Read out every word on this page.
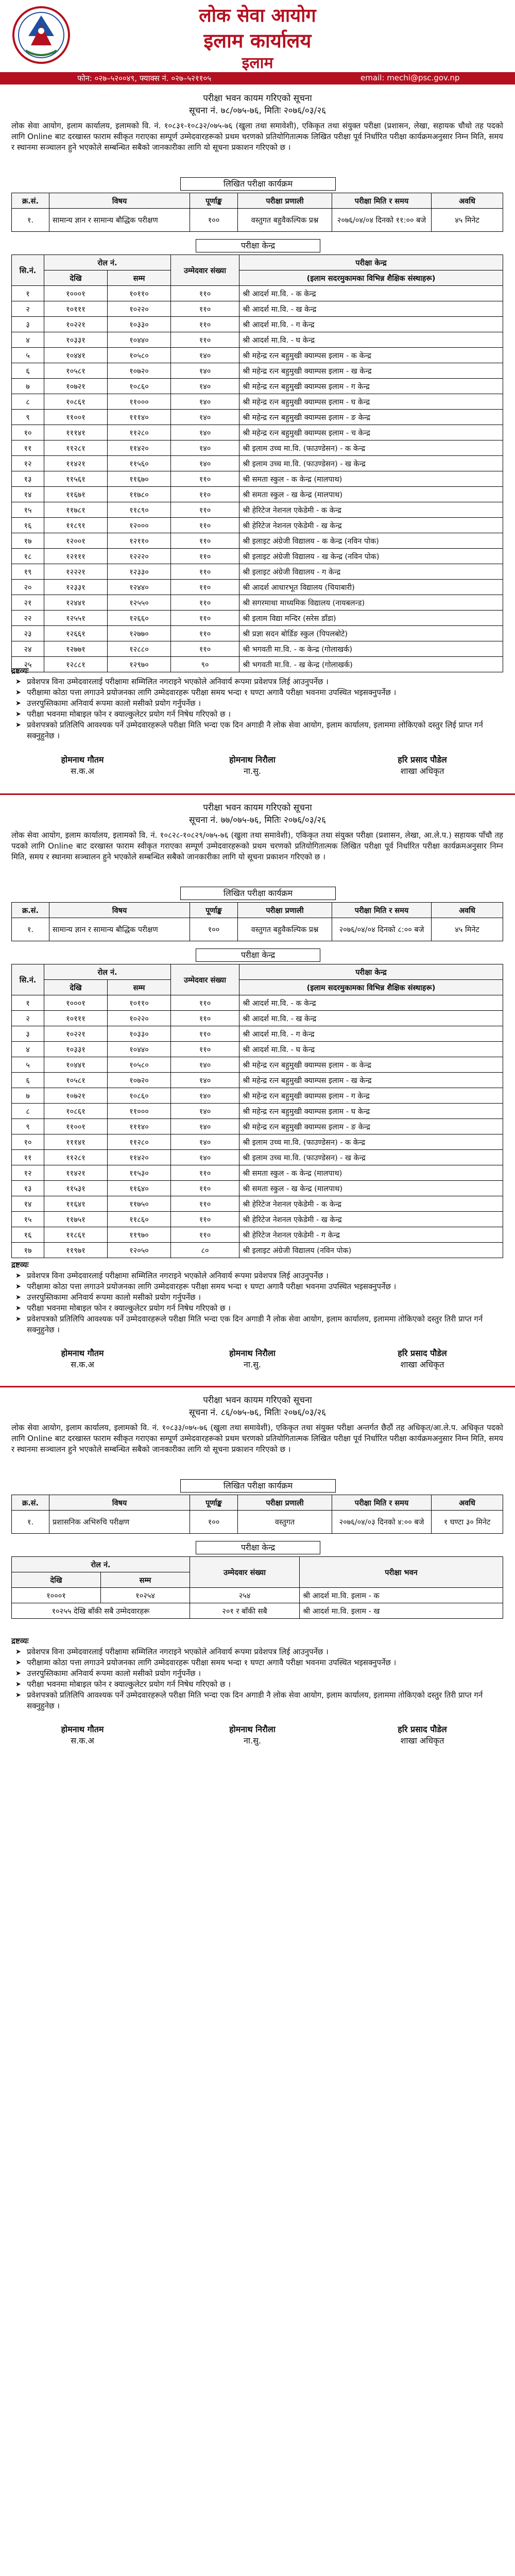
लोक सेवा आयोग
इलाम कार्यालय
इलाम
फोन: ०२७–५२००४९, फ्याक्स नं. ०२७–५२११०५	email: mechi@psc.gov.np
परीक्षा भवन कायम गरिएको सूचना
सूचना नं. ७८/०७५-७६, मितिः २०७६/०३/२६
लोक सेवा आयोग, इलाम कार्यालय, इलामको वि. नं. १०८३१-१०८३२/०७५-७६ (खुला तथा समावेशी), एकिकृत तथा संयुक्त परीक्षा (प्रशासन, लेखा, सहायक चौथो तह पदको लागि Online बाट दरखास्त फाराम स्वीकृत गराएका सम्पूर्ण उम्मेदवारहरूको प्रथम चरणको प्रतियोगितात्मक लिखित परीक्षा पूर्व निर्धारित परीक्षा कार्यक्रमअनुसार निम्न मिति, समय र स्थानमा सञ्चालन हुने भएकोले सम्बन्धित सबैको जानकारीका लागि यो सूचना प्रकाशन गरिएको छ ।
लिखित परीक्षा कार्यक्रम
क्र.सं.	विषय	पूर्णाङ्क	परीक्षा प्रणाली	परीक्षा मिति र समय	अवधि
१.	सामान्य ज्ञान र सामान्य बौद्धिक परीक्षण	१००	वस्तुगत बहुवैकल्पिक प्रश्न	२०७६/०४/०४ दिनको ११:०० बजे	४५ मिनेट
परीक्षा केन्द्र
सि.नं.	रोल नं.		उम्मेदवार संख्या	परीक्षा केन्द्र
	देखि	सम्म		(इलाम सदरमुकामका विभिन्न शैक्षिक संस्थाहरू)
१	१०००१	१०११०	११०	श्री आदर्श मा.वि. - क केन्द्र
२	१०१११	१०२२०	११०	श्री आदर्श मा.वि. - ख केन्द्र
३	१०२२१	१०३३०	११०	श्री आदर्श मा.वि. - ग केन्द्र
४	१०३३१	१०४४०	११०	श्री आदर्श मा.वि. - घ केन्द्र
५	१०४४१	१०५८०	१४०	श्री महेन्द्र रत्न बहुमुखी क्याम्पस इलाम - क केन्द्र
६	१०५८१	१०७२०	१४०	श्री महेन्द्र रत्न बहुमुखी क्याम्पस इलाम - ख केन्द्र
७	१०७२१	१०८६०	१४०	श्री महेन्द्र रत्न बहुमुखी क्याम्पस इलाम - ग केन्द्र
८	१०८६१	११०००	१४०	श्री महेन्द्र रत्न बहुमुखी क्याम्पस इलाम - घ केन्द्र
९	११००१	१११४०	१४०	श्री महेन्द्र रत्न बहुमुखी क्याम्पस इलाम - ङ केन्द्र
१०	१११४१	११२८०	१४०	श्री महेन्द्र रत्न बहुमुखी क्याम्पस इलाम - च केन्द्र
११	११२८१	११४२०	१४०	श्री इलाम उच्च मा.वि. (फाउण्डेसन) - क केन्द्र
१२	११४२१	११५६०	१४०	श्री इलाम उच्च मा.वि. (फाउण्डेसन) - ख केन्द्र
१३	११५६१	११६७०	११०	श्री समता स्कुल - क केन्द्र (मालपाथ)
१४	११६७१	११७८०	११०	श्री समता स्कुल - ख केन्द्र (मालपाथ)
१५	११७८१	११८९०	११०	श्री हेरिटेज नेशनल एकेडेमी - क केन्द्र
१६	११८९१	१२०००	११०	श्री हेरिटेज नेशनल एकेडेमी - ख केन्द्र
१७	१२००१	१२११०	११०	श्री इलाइट अंग्रेजी विद्यालय - क केन्द्र (नविन पोक)
१८	१२१११	१२२२०	११०	श्री इलाइट अंग्रेजी विद्यालय - ख केन्द्र (नविन पोक)
१९	१२२२१	१२३३०	११०	श्री इलाइट अंग्रेजी विद्यालय - ग केन्द्र
२०	१२३३१	१२४४०	११०	श्री आदर्श आधारभूत विद्यालय (चियाबारी)
२१	१२४४१	१२५५०	११०	श्री सगरमाथा माध्यमिक विद्यालय (नायबलन्ड)
२२	१२५५१	१२६६०	११०	श्री इलाम विद्या मन्दिर (सरेस डाँडा)
२३	१२६६१	१२७७०	११०	श्री प्रज्ञा सदन बोर्डिङ स्कुल (पिपलबोटे)
२४	१२७७१	१२८८०	११०	श्री भगवती मा.वि. - क केन्द्र (गोलाखर्क)
२५	१२८८१	१२९७०	९०	श्री भगवती मा.वि. - ख केन्द्र (गोलाखर्क)
द्रष्टव्यः
➤ प्रवेशपत्र विना उम्मेदवारलाई परीक्षामा सम्मिलित नगराइने भएकोले अनिवार्य रूपमा प्रवेशपत्र लिई आउनुपर्नेछ ।
➤ परीक्षामा कोठा पत्ता लगाउने प्रयोजनका लागि उम्मेदवारहरू परीक्षा समय भन्दा १ घण्टा अगावै परीक्षा भवनमा उपस्थित भइसक्नुपर्नेछ ।
➤ उत्तरपुस्तिकामा अनिवार्य रूपमा कालो मसीको प्रयोग गर्नुपर्नेछ ।
➤ परीक्षा भवनमा मोबाइल फोन र क्याल्कुलेटर प्रयोग गर्न निषेध गरिएको छ ।
➤ प्रवेशपत्रको प्रतिलिपि आवश्यक पर्ने उम्मेदवारहरूले परीक्षा मिति भन्दा एक दिन अगाडी नै लोक सेवा आयोग, इलाम कार्यालय, इलाममा लोकिएको दस्तुर लिई प्राप्त गर्न सक्नुहुनेछ ।
होमनाथ गौतम
स.क.अ
होमनाथ निरौला
ना.सु.
हरि प्रसाद पौडेल
शाखा अधिकृत
परीक्षा भवन कायम गरिएको सूचना
सूचना नं. ७७/०७५-७६, मितिः २०७६/०३/२६
लोक सेवा आयोग, इलाम कार्यालय, इलामको वि. नं. १०८२८-१०८२९/०७५-७६ (खुला तथा समावेशी), एकिकृत तथा संयुक्त परीक्षा (प्रशासन, लेखा, आ.ले.प.) सहायक पाँचौ तह पदको लागि Online बाट दरखास्त फाराम स्वीकृत गराएका सम्पूर्ण उम्मेदवारहरूको प्रथम चरणको प्रतियोगितात्मक लिखित परीक्षा पूर्व निर्धारित परीक्षा कार्यक्रमअनुसार निम्न मिति, समय र स्थानमा सञ्चालन हुने भएकोले सम्बन्धित सबैको जानकारीका लागि यो सूचना प्रकाशन गरिएको छ ।
लिखित परीक्षा कार्यक्रम
क्र.सं.	विषय	पूर्णाङ्क	परीक्षा प्रणाली	परीक्षा मिति र समय	अवधि
१.	सामान्य ज्ञान र सामान्य बौद्धिक परीक्षण	१००	वस्तुगत बहुवैकल्पिक प्रश्न	२०७६/०४/०४ दिनको ८:०० बजे	४५ मिनेट
परीक्षा केन्द्र
सि.नं.	रोल नं.		उम्मेदवार संख्या	परीक्षा केन्द्र
	देखि	सम्म		(इलाम सदरमुकामका विभिन्न शैक्षिक संस्थाहरू)
१	१०००१	१०११०	११०	श्री आदर्श मा.वि. - क केन्द्र
२	१०१११	१०२२०	११०	श्री आदर्श मा.वि. - ख केन्द्र
३	१०२२१	१०३३०	११०	श्री आदर्श मा.वि. - ग केन्द्र
४	१०३३१	१०४४०	११०	श्री आदर्श मा.वि. - घ केन्द्र
५	१०४४१	१०५८०	१४०	श्री महेन्द्र रत्न बहुमुखी क्याम्पस इलाम - क केन्द्र
६	१०५८१	१०७२०	१४०	श्री महेन्द्र रत्न बहुमुखी क्याम्पस इलाम - ख केन्द्र
७	१०७२१	१०८६०	१४०	श्री महेन्द्र रत्न बहुमुखी क्याम्पस इलाम - ग केन्द्र
८	१०८६१	११०००	१४०	श्री महेन्द्र रत्न बहुमुखी क्याम्पस इलाम - घ केन्द्र
९	११००१	१११४०	१४०	श्री महेन्द्र रत्न बहुमुखी क्याम्पस इलाम - ङ केन्द्र
१०	१११४१	११२८०	१४०	श्री इलाम उच्च मा.वि. (फाउण्डेसन) - क केन्द्र
११	११२८१	११४२०	१४०	श्री इलाम उच्च मा.वि. (फाउण्डेसन) - ख केन्द्र
१२	११४२१	११५३०	११०	श्री समता स्कुल - क केन्द्र (मालपाथ)
१३	११५३१	११६४०	११०	श्री समता स्कुल - ख केन्द्र (मालपाथ)
१४	११६४१	११७५०	११०	श्री हेरिटेज नेशनल एकेडेमी - क केन्द्र
१५	११७५१	११८६०	११०	श्री हेरिटेज नेशनल एकेडेमी - ख केन्द्र
१६	११८६१	११९७०	११०	श्री हेरिटेज नेशनल एकेडेमी - ग केन्द्र
१७	११९७१	१२०५०	८०	श्री इलाइट अंग्रेजी विद्यालय (नविन पोक)
द्रष्टव्यः
➤ प्रवेशपत्र विना उम्मेदवारलाई परीक्षामा सम्मिलित नगराइने भएकोले अनिवार्य रूपमा प्रवेशपत्र लिई आउनुपर्नेछ ।
➤ परीक्षामा कोठा पत्ता लगाउने प्रयोजनका लागि उम्मेदवारहरू परीक्षा समय भन्दा १ घण्टा अगावै परीक्षा भवनमा उपस्थित भइसक्नुपर्नेछ ।
➤ उत्तरपुस्तिकामा अनिवार्य रूपमा कालो मसीको प्रयोग गर्नुपर्नेछ ।
➤ परीक्षा भवनमा मोबाइल फोन र क्याल्कुलेटर प्रयोग गर्न निषेध गरिएको छ ।
➤ प्रवेशपत्रको प्रतिलिपि आवश्यक पर्ने उम्मेदवारहरूले परीक्षा मिति भन्दा एक दिन अगाडी नै लोक सेवा आयोग, इलाम कार्यालय, इलाममा तोकिएको दस्तुर तिरी प्राप्त गर्न सक्नुहुनेछ ।
होमनाथ गौतम
स.क.अ
होमनाथ निरौला
ना.सु.
हरि प्रसाद पौडेल
शाखा अधिकृत
परीक्षा भवन कायम गरिएको सूचना
सूचना नं. ८६/०७५-७६, मितिः २०७६/०३/२६
लोक सेवा आयोग, इलाम कार्यालय, इलामको वि. नं. १०८३३/०७५-७६ (खुला तथा समावेशी), एकिकृत तथा संयुक्त परीक्षा अन्तर्गत छैठौं तह अधिकृत/आ.ले.प. अधिकृत पदको लागि Online बाट दरखास्त फाराम स्वीकृत गराएका सम्पूर्ण उम्मेदवारहरूको प्रथम चरणको प्रतियोगितात्मक लिखित परीक्षा पूर्व निर्धारित परीक्षा कार्यक्रमअनुसार निम्न मिति, समय र स्थानमा सञ्चालन हुने भएकोले सम्बन्धित सबैको जानकारीका लागि यो सूचना प्रकाशन गरिएको छ ।
लिखित परीक्षा कार्यक्रम
क्र.सं.	विषय	पूर्णाङ्क	परीक्षा प्रणाली	परीक्षा मिति र समय	अवधि
१.	प्रशासनिक अभिरुचि परीक्षण	१००	वस्तुगत	२०७६/०४/०३ दिनको ४:०० बजे	१ घण्टा ३० मिनेट
परीक्षा केन्द्र
रोल नं.		उम्मेदवार संख्या	परीक्षा भवन
देखि	सम्म		
१०००१	१०२५४	२५४	श्री आदर्श मा.वि. इलाम - क
१०२५५ देखि बाँकी सबै उम्मेदवारहरू		२०१ र बाँकी सबै	श्री आदर्श मा.वि. इलाम - ख
द्रष्टव्यः
➤ प्रवेशपत्र विना उम्मेदवारलाई परीक्षामा सम्मिलित नगराइने भएकोले अनिवार्य रूपमा प्रवेशपत्र लिई आउनुपर्नेछ ।
➤ परीक्षामा कोठा पत्ता लगाउने प्रयोजनका लागि उम्मेदवारहरू परीक्षा समय भन्दा १ घण्टा अगावै परीक्षा भवनमा उपस्थित भइसक्नुपर्नेछ ।
➤ उत्तरपुस्तिकामा अनिवार्य रूपमा कालो मसीको प्रयोग गर्नुपर्नेछ ।
➤ परीक्षा भवनमा मोबाइल फोन र क्याल्कुलेटर प्रयोग गर्न निषेध गरिएको छ ।
➤ प्रवेशपत्रको प्रतिलिपि आवश्यक पर्ने उम्मेदवारहरूले परीक्षा मिति भन्दा एक दिन अगाडी नै लोक सेवा आयोग, इलाम कार्यालय, इलाममा तोकिएको दस्तुर तिरी प्राप्त गर्न सक्नुहुनेछ ।
होमनाथ गौतम
स.क.अ
होमनाथ निरौला
ना.सु.
हरि प्रसाद पौडेल
शाखा अधिकृत
